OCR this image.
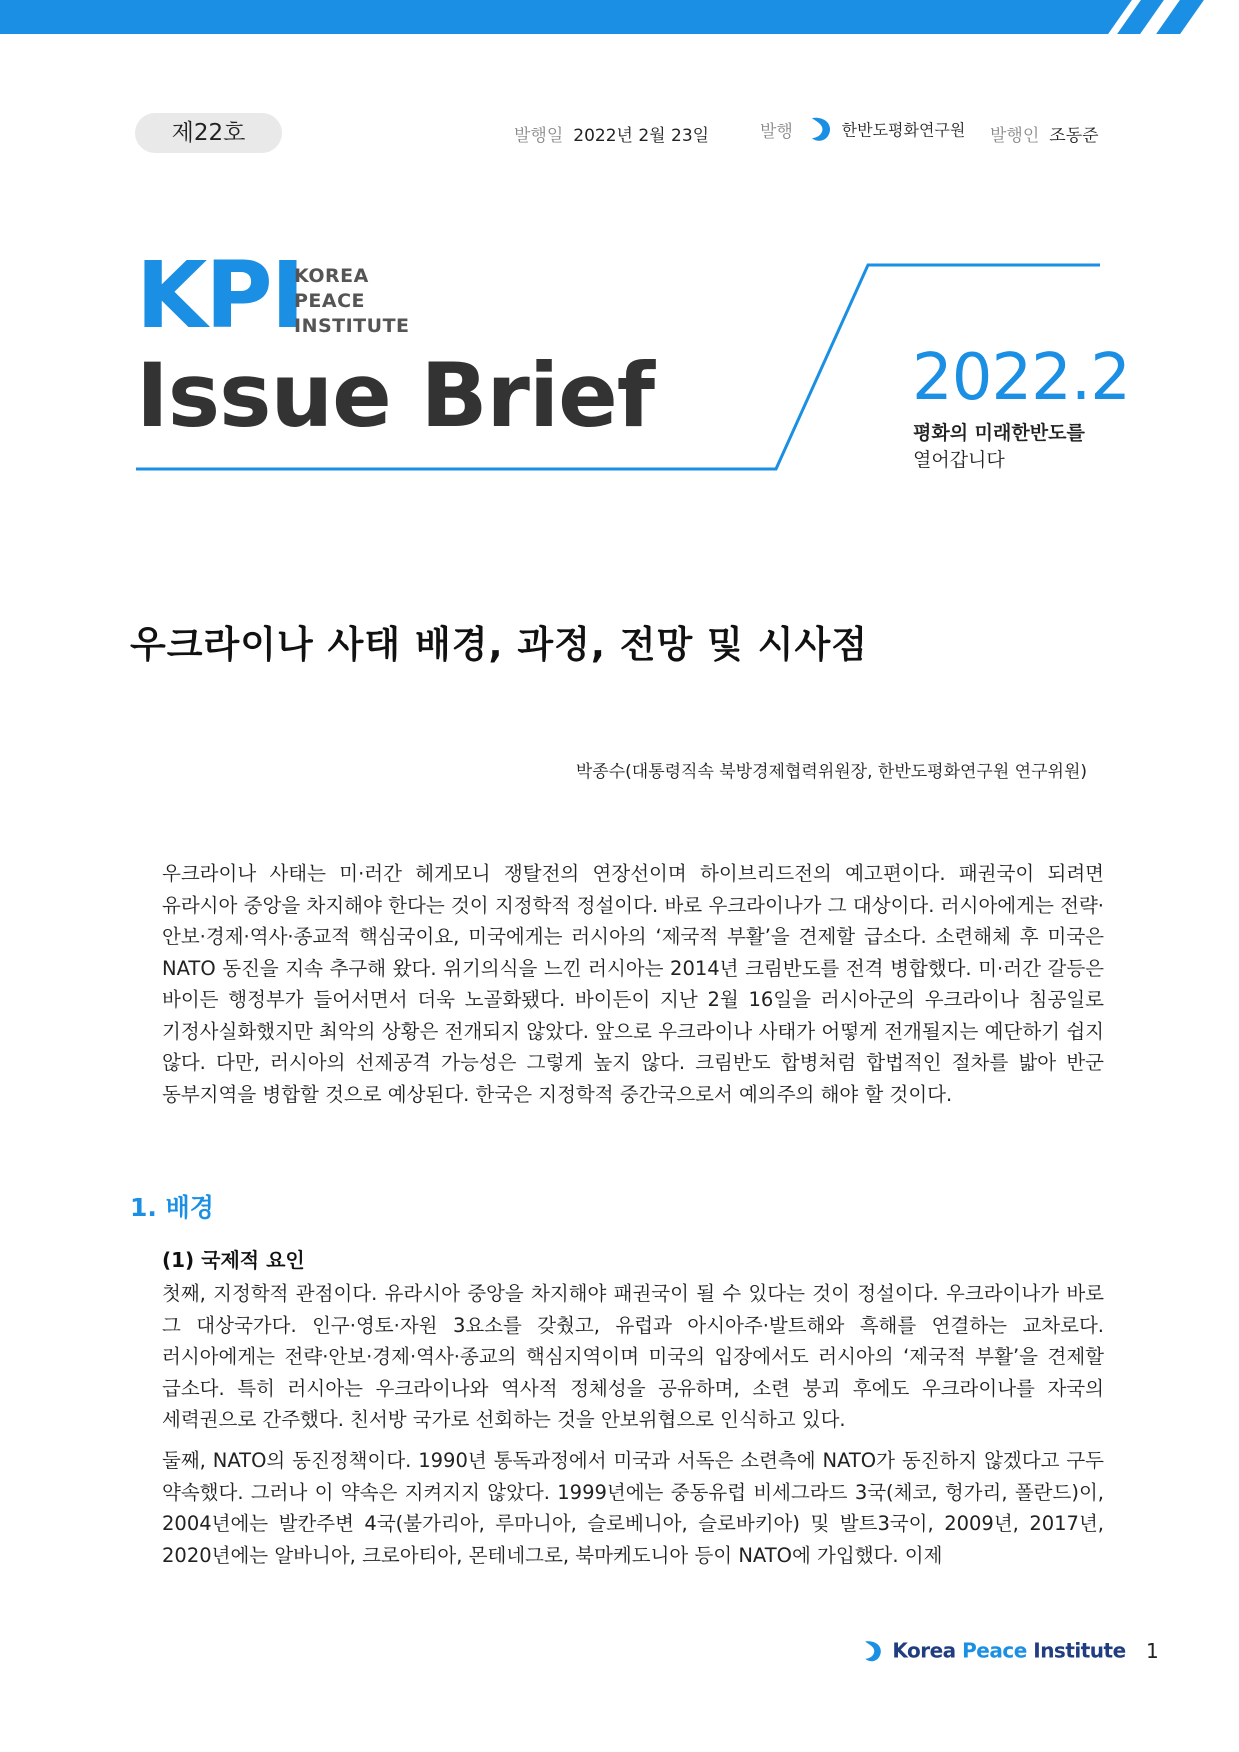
제22호	발행일 2022년 2월 23일	발행	한반도평화연구원 발행인 조동준
KPI
KOREA
PEACE
INSTITUTE
Issue Brief	2022.2
평화의 미래한반도를
열어갑니다
우크라이나 사태 배경, 과정, 전망 및 시사점
박종수(대통령직속 북방경제협력위원장, 한반도평화연구원 연구위원)

우크라이나 사태는 미·러간 헤게모니 쟁탈전의 연장선이며 하이브리드전의 예고편이다. 패권국이 되려면 유라시아 중앙을 차지해야 한다는 것이 지정학적 정설이다. 바로 우크라이나가 그 대상이다. 러시아에게는 전략·안보·경제·역사·종교적 핵심국이요, 미국에게는 러시아의 ‘제국적 부활’을 견제할 급소다. 소련해체 후 미국은 NATO 동진을 지속 추구해 왔다. 위기의식을 느낀 러시아는 2014년 크림반도를 전격 병합했다. 미·러간 갈등은 바이든 행정부가 들어서면서 더욱 노골화됐다. 바이든이 지난 2월 16일을 러시아군의 우크라이나 침공일로 기정사실화했지만 최악의 상황은 전개되지 않았다. 앞으로 우크라이나 사태가 어떻게 전개될지는 예단하기 쉽지 않다. 다만, 러시아의 선제공격 가능성은 그렇게 높지 않다. 크림반도 합병처럼 합법적인 절차를 밟아 반군 동부지역을 병합할 것으로 예상된다. 한국은 지정학적 중간국으로서 예의주의 해야 할 것이다.

1. 배경
(1) 국제적 요인

첫째, 지정학적 관점이다. 유라시아 중앙을 차지해야 패권국이 될 수 있다는 것이 정설이다. 우크라이나가 바로 그 대상국가다. 인구·영토·자원 3요소를 갖췄고, 유럽과 아시아주·발트해와 흑해를 연결하는 교차로다. 러시아에게는 전략·안보·경제·역사·종교의 핵심지역이며 미국의 입장에서도 러시아의 ‘제국적 부활’을 견제할 급소다. 특히 러시아는 우크라이나와 역사적 정체성을 공유하며, 소련 붕괴 후에도 우크라이나를 자국의 세력권으로 간주했다. 친서방 국가로 선회하는 것을 안보위협으로 인식하고 있다.

둘째, NATO의 동진정책이다. 1990년 통독과정에서 미국과 서독은 소련측에 NATO가 동진하지 않겠다고 구두 약속했다. 그러나 이 약속은 지켜지지 않았다. 1999년에는 중동유럽 비세그라드 3국(체코, 헝가리, 폴란드)이, 2004년에는 발칸주변 4국(불가리아, 루마니아, 슬로베니아, 슬로바키아) 및 발트3국이, 2009년, 2017년, 2020년에는 알바니아, 크로아티아, 몬테네그로, 북마케도니아 등이 NATO에 가입했다. 이제

Korea Peace Institute 1
